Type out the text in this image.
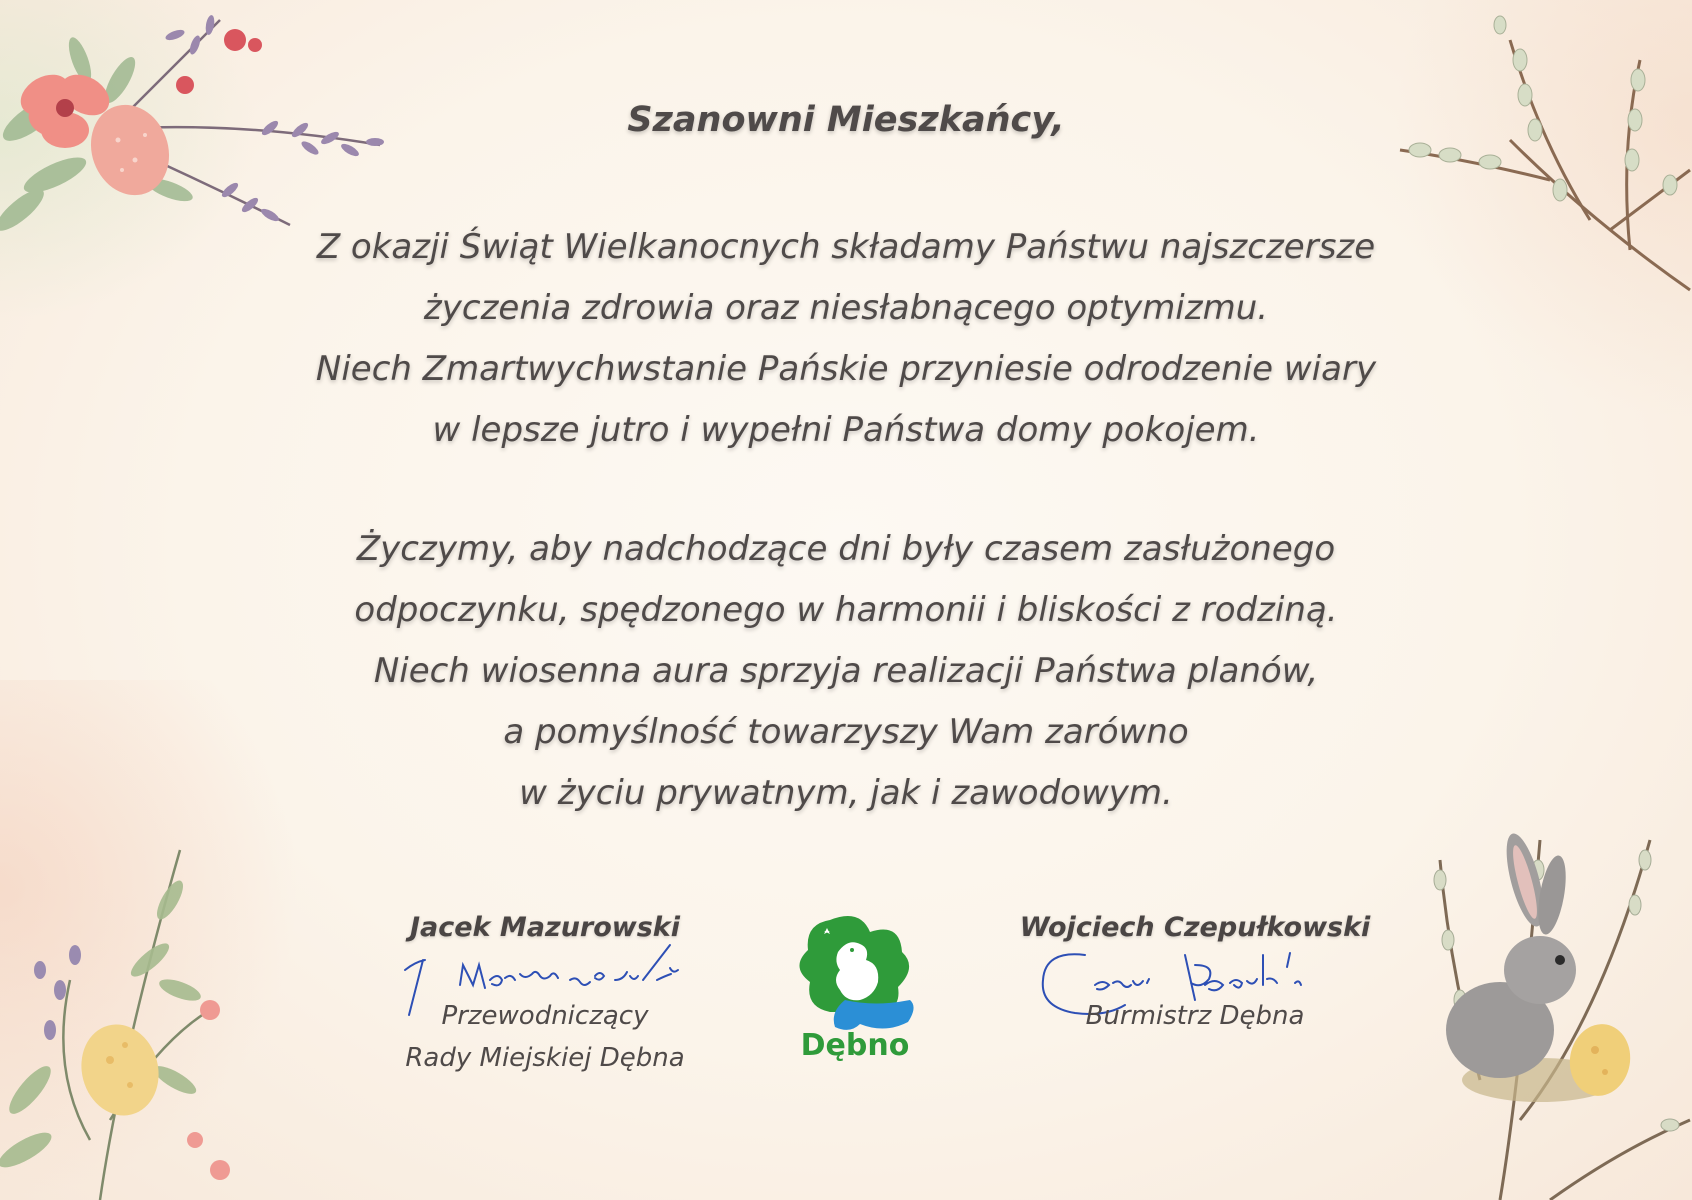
Szanowni Mieszkańcy,
Z okazji Świąt Wielkanocnych składamy Państwu najszczersze
życzenia zdrowia oraz niesłabnącego optymizmu.
Niech Zmartwychwstanie Pańskie przyniesie odrodzenie wiary
w lepsze jutro i wypełni Państwa domy pokojem.
Życzymy, aby nadchodzące dni były czasem zasłużonego
odpoczynku, spędzonego w harmonii i bliskości z rodziną.
Niech wiosenna aura sprzyja realizacji Państwa planów,
a pomyślność towarzyszy Wam zarówno
w życiu prywatnym, jak i zawodowym.
Jacek Mazurowski
Przewodniczący
Rady Miejskiej Dębna	Dębno
Wojciech Czepułkowski
Burmistrz Dębna
